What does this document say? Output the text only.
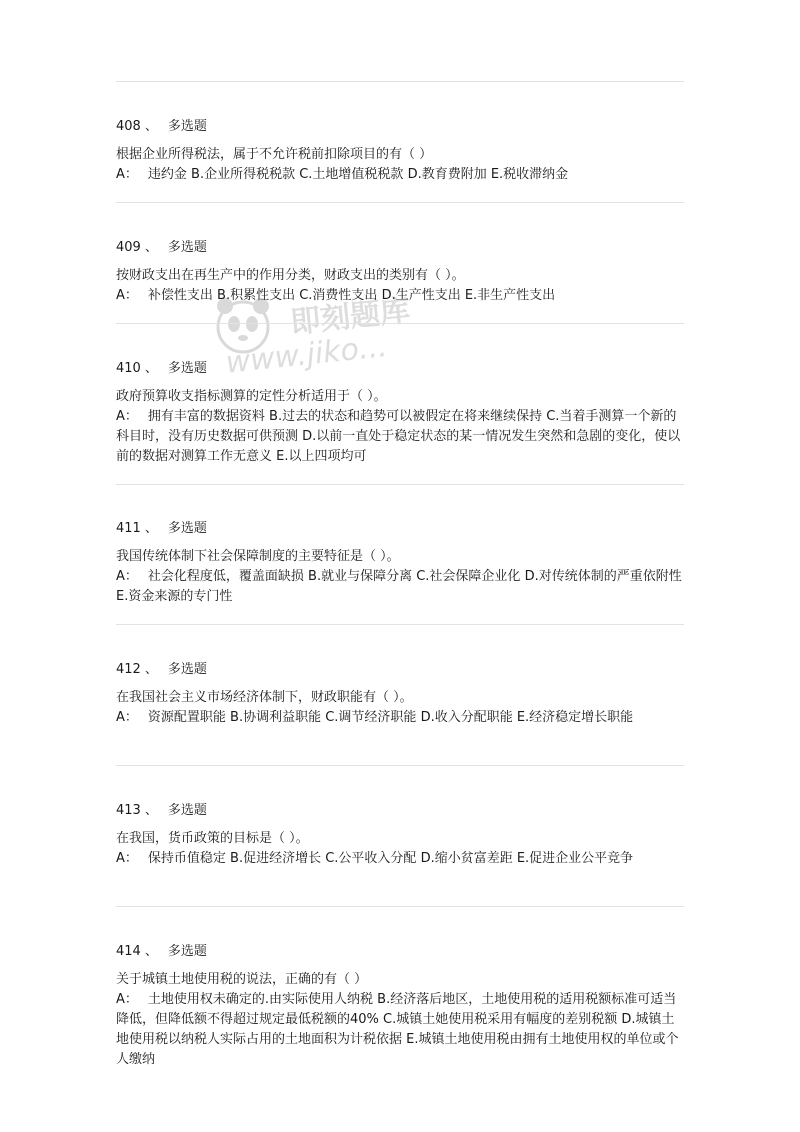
即刻题库
www.jiko...
408 、 多选题
根据企业所得税法，属于不允许税前扣除项目的有（ ）
A： 违约金 B.企业所得税税款 C.土地增值税税款 D.教育费附加 E.税收滞纳金
409 、 多选题
按财政支出在再生产中的作用分类，财政支出的类别有（ ）。
A： 补偿性支出 B.积累性支出 C.消费性支出 D.生产性支出 E.非生产性支出
410 、 多选题
政府预算收支指标测算的定性分析适用于（ ）。
A： 拥有丰富的数据资料 B.过去的状态和趋势可以被假定在将来继续保持 C.当着手测算一个新的科目时，没有历史数据可供预测 D.以前一直处于稳定状态的某一情况发生突然和急剧的变化，使以前的数据对测算工作无意义 E.以上四项均可
411 、 多选题
我国传统体制下社会保障制度的主要特征是（ ）。
A： 社会化程度低，覆盖面缺损 B.就业与保障分离 C.社会保障企业化 D.对传统体制的严重依附性 E.资金来源的专门性
412 、 多选题
在我国社会主义市场经济体制下，财政职能有（ ）。
A： 资源配置职能 B.协调利益职能 C.调节经济职能 D.收入分配职能 E.经济稳定增长职能
413 、 多选题
在我国，货币政策的目标是（ ）。
A： 保持币值稳定 B.促进经济增长 C.公平收入分配 D.缩小贫富差距 E.促进企业公平竞争
414 、 多选题
关于城镇土地使用税的说法，正确的有（ ）
A： 土地使用权未确定的.由实际使用人纳税 B.经济落后地区，土地使用税的适用税额标准可适当降低，但降低额不得超过规定最低税额的40% C.城镇土她使用税采用有幅度的差别税额 D.城镇土地使用税以纳税人实际占用的土地面积为计税依据 E.城镇土地使用税由拥有土地使用权的单位或个人缴纳
